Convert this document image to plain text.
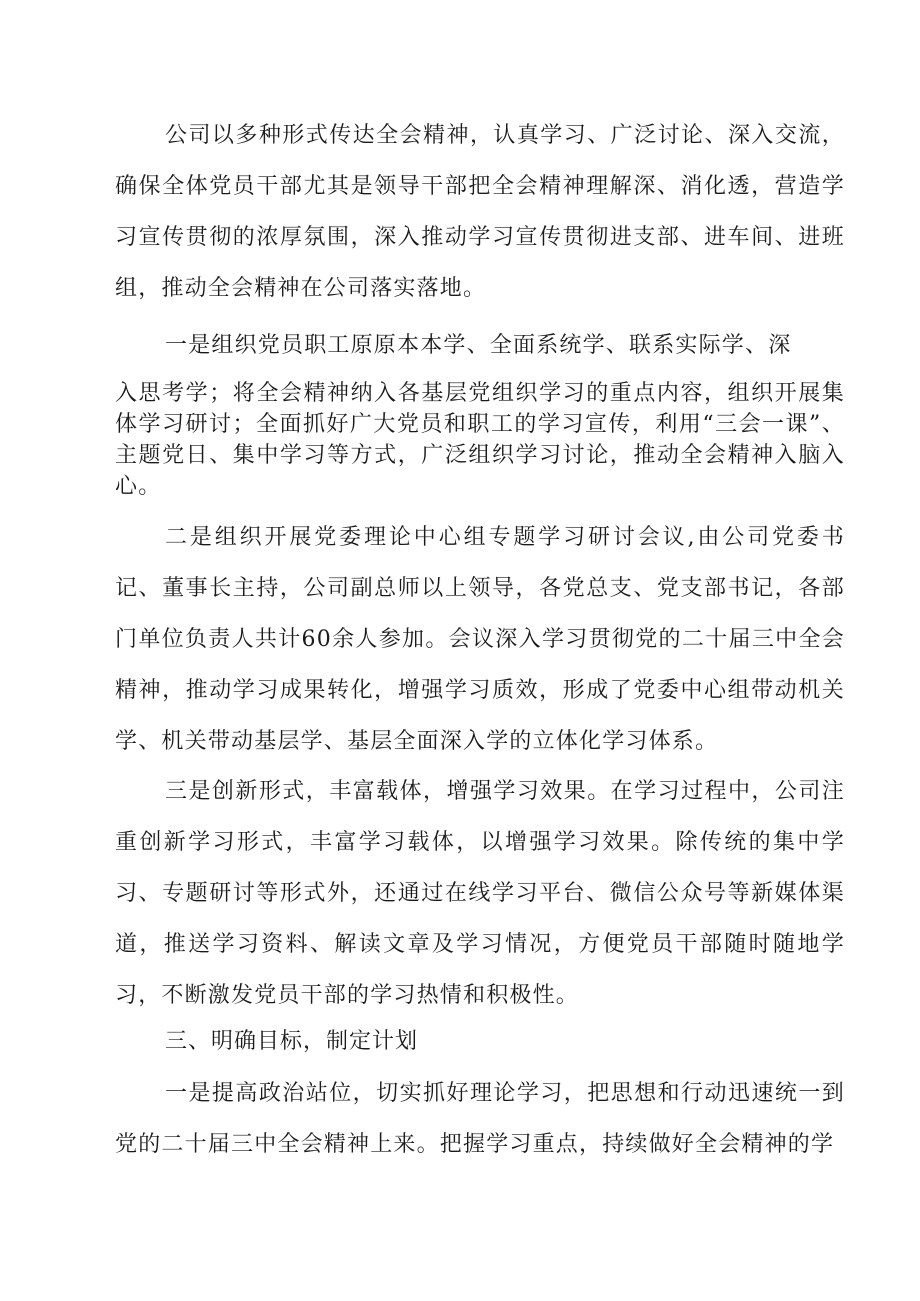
公司以多种形式传达全会精神，认真学习、广泛讨论、深入交流，确保全体党员干部尤其是领导干部把全会精神理解深、消化透，营造学习宣传贯彻的浓厚氛围，深入推动学习宣传贯彻进支部、进车间、进班组，推动全会精神在公司落实落地。

一是组织党员职工原原本本学、全面系统学、联系实际学、深

入思考学；将全会精神纳入各基层党组织学习的重点内容，组织开展集体学习研讨；全面抓好广大党员和职工的学习宣传，利用“三会一课”、主题党日、集中学习等方式，广泛组织学习讨论，推动全会精神入脑入心。

二是组织开展党委理论中心组专题学习研讨会议,由公司党委书记、董事长主持，公司副总师以上领导，各党总支、党支部书记，各部门单位负责人共计60余人参加。会议深入学习贯彻党的二十届三中全会精神，推动学习成果转化，增强学习质效，形成了党委中心组带动机关学、机关带动基层学、基层全面深入学的立体化学习体系。

三是创新形式，丰富载体，增强学习效果。在学习过程中，公司注重创新学习形式，丰富学习载体，以增强学习效果。除传统的集中学习、专题研讨等形式外，还通过在线学习平台、微信公众号等新媒体渠道，推送学习资料、解读文章及学习情况，方便党员干部随时随地学习，不断激发党员干部的学习热情和积极性。

三、明确目标，制定计划

一是提高政治站位，切实抓好理论学习，把思想和行动迅速统一到党的二十届三中全会精神上来。把握学习重点，持续做好全会精神的学
